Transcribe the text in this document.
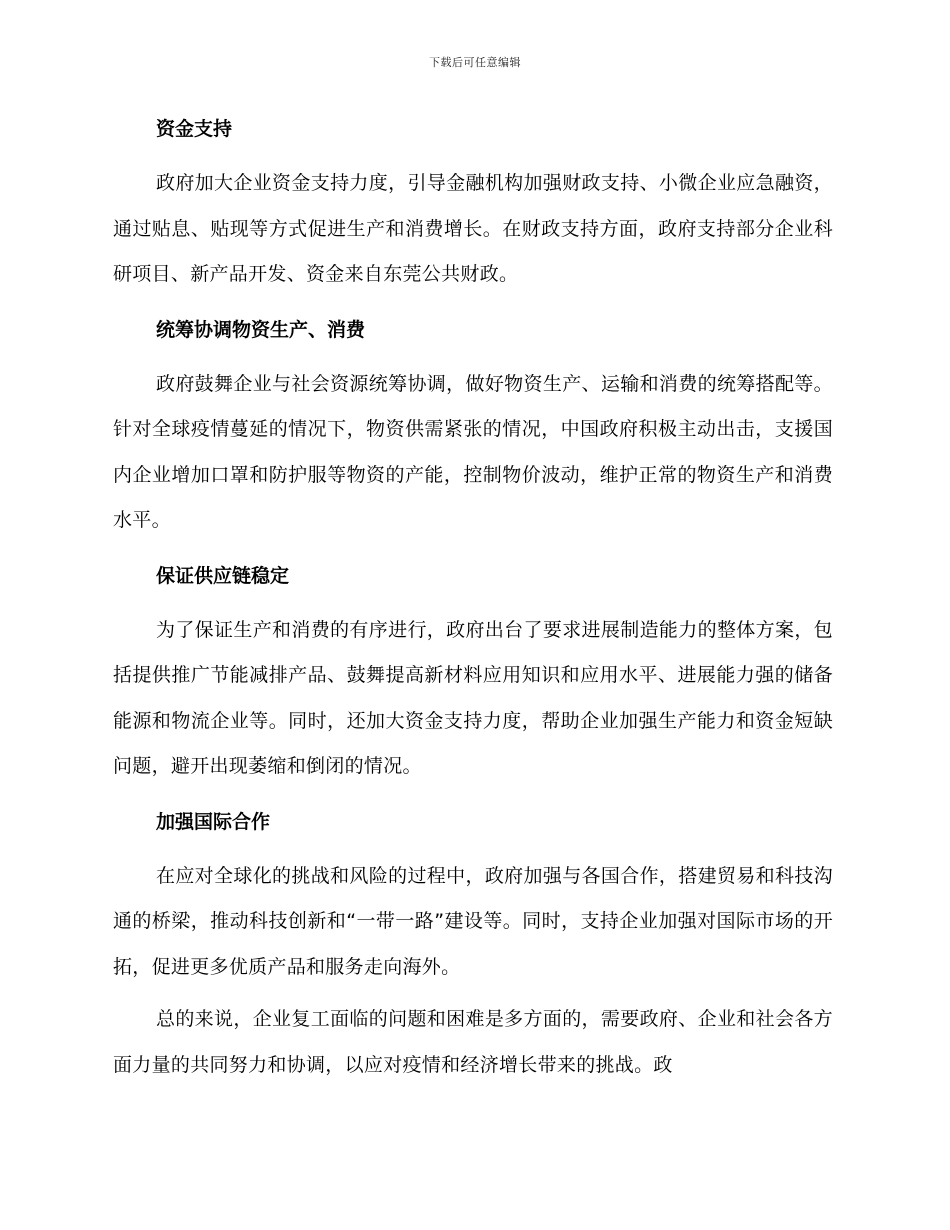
下载后可任意编辑

资金支持

政府加大企业资金支持力度，引导金融机构加强财政支持、小微企业应急融资，通过贴息、贴现等方式促进生产和消费增长。在财政支持方面，政府支持部分企业科研项目、新产品开发、资金来自东莞公共财政。

统筹协调物资生产、消费

政府鼓舞企业与社会资源统筹协调，做好物资生产、运输和消费的统筹搭配等。针对全球疫情蔓延的情况下，物资供需紧张的情况，中国政府积极主动出击，支援国内企业增加口罩和防护服等物资的产能，控制物价波动，维护正常的物资生产和消费水平。

保证供应链稳定

为了保证生产和消费的有序进行，政府出台了要求进展制造能力的整体方案，包括提供推广节能减排产品、鼓舞提高新材料应用知识和应用水平、进展能力强的储备能源和物流企业等。同时，还加大资金支持力度，帮助企业加强生产能力和资金短缺问题，避开出现萎缩和倒闭的情况。

加强国际合作

在应对全球化的挑战和风险的过程中，政府加强与各国合作，搭建贸易和科技沟通的桥梁，推动科技创新和“一带一路”建设等。同时，支持企业加强对国际市场的开拓，促进更多优质产品和服务走向海外。

总的来说，企业复工面临的问题和困难是多方面的，需要政府、企业和社会各方面力量的共同努力和协调，以应对疫情和经济增长带来的挑战。政
